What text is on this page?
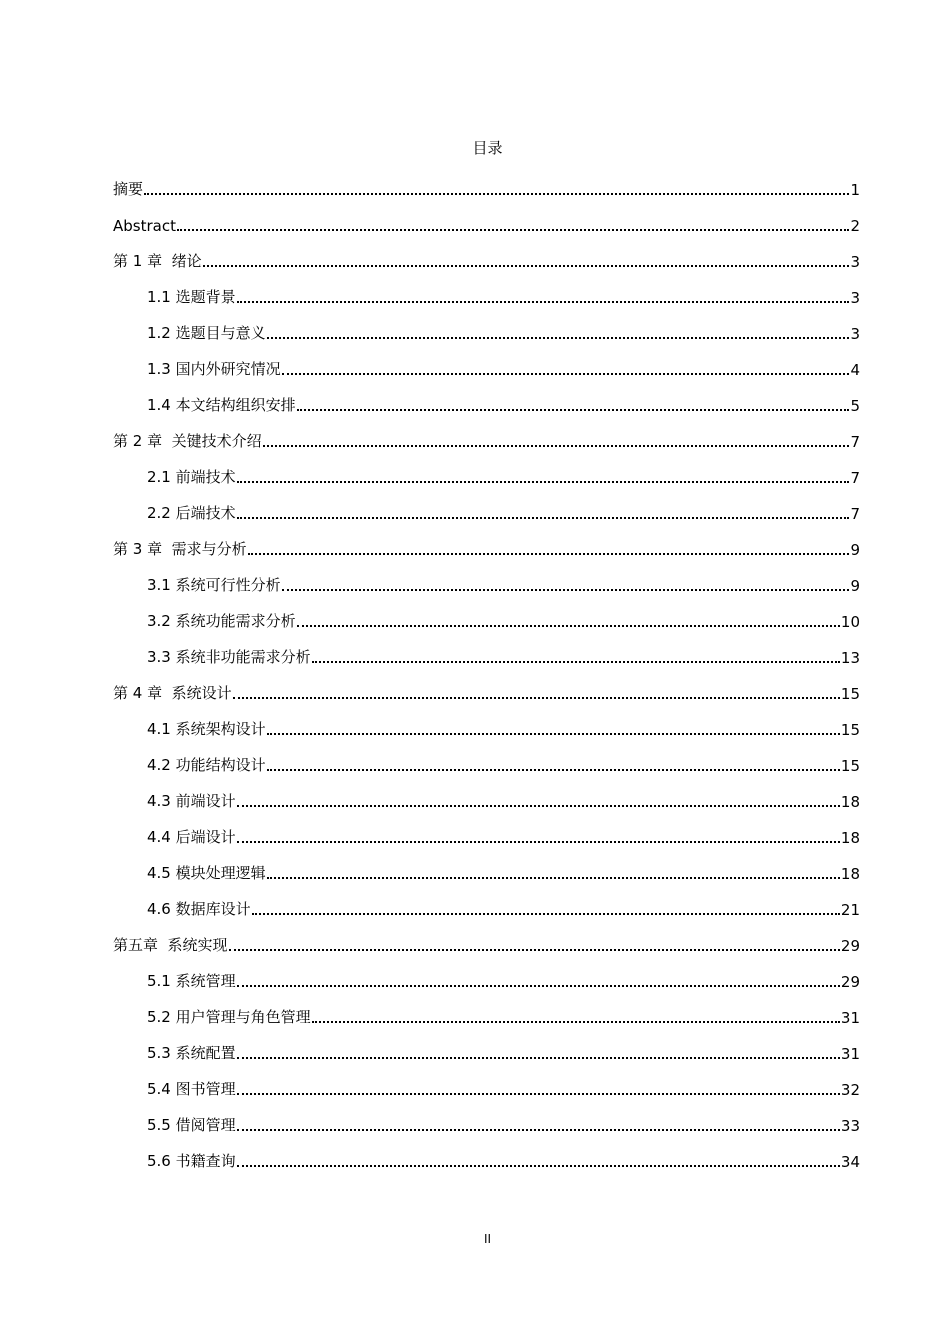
目录
摘要	1
Abstract	2
第 1 章  绪论	3
1.1 选题背景	3
1.2 选题目与意义	3
1.3 国内外研究情况	4
1.4 本文结构组织安排	5
第 2 章  关键技术介绍	7
2.1 前端技术	7
2.2 后端技术	7
第 3 章  需求与分析	9
3.1 系统可行性分析	9
3.2 系统功能需求分析	10
3.3 系统非功能需求分析	13
第 4 章  系统设计	15
4.1 系统架构设计	15
4.2 功能结构设计	15
4.3 前端设计	18
4.4 后端设计	18
4.5 模块处理逻辑	18
4.6 数据库设计	21
第五章  系统实现	29
5.1 系统管理	29
5.2 用户管理与角色管理	31
5.3 系统配置	31
5.4 图书管理	32
5.5 借阅管理	33
5.6 书籍查询	34
II
